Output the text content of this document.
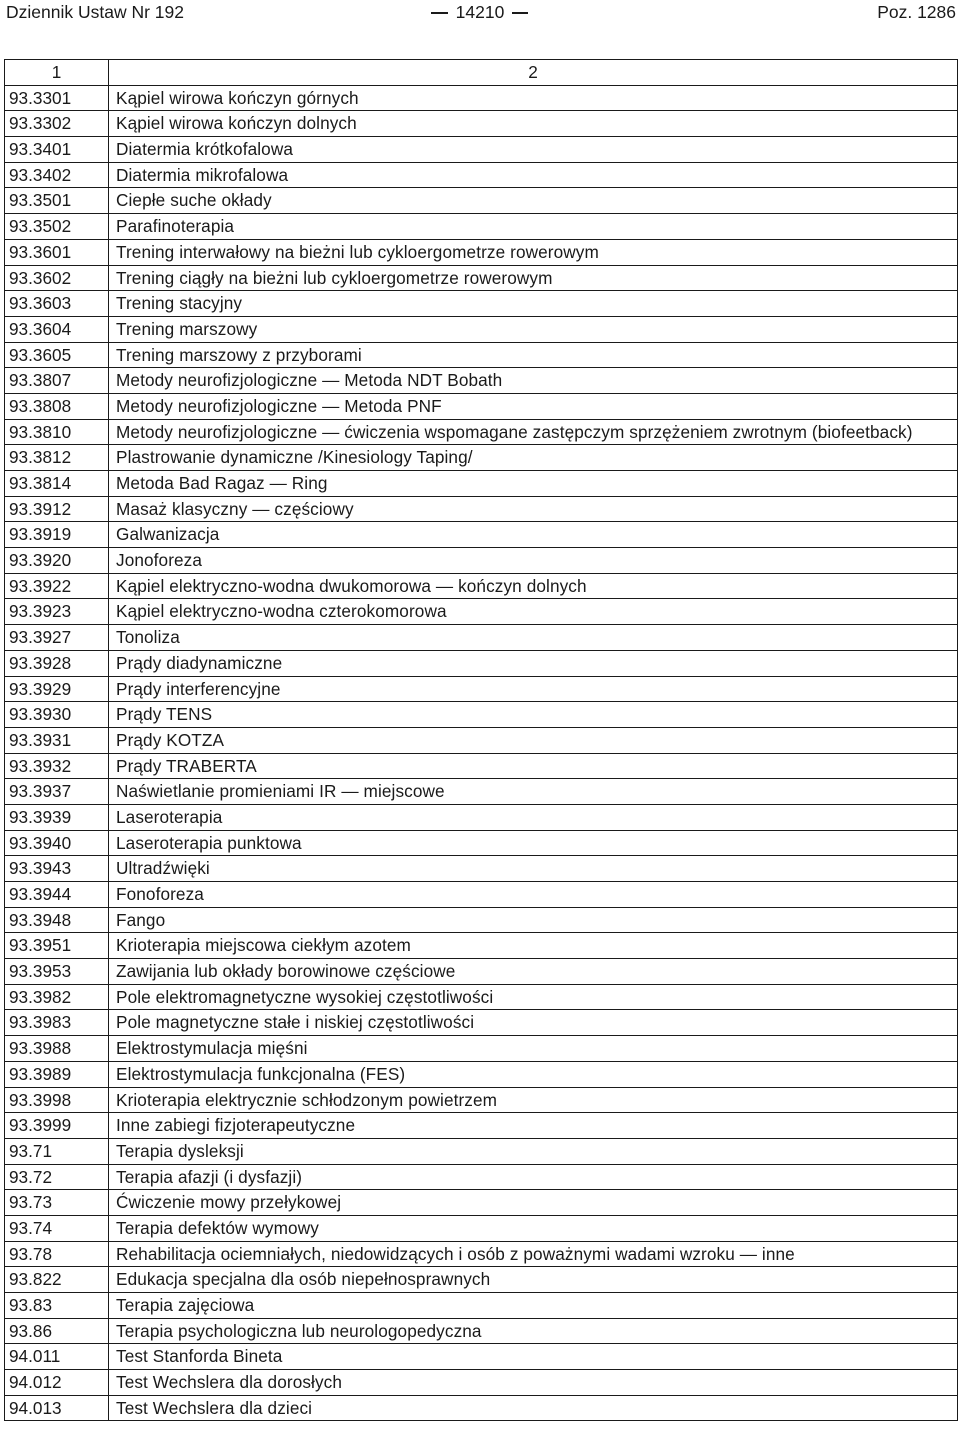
Dziennik Ustaw Nr 192	14210	Poz. 1286
1	2
93.3301	Kąpiel wirowa kończyn górnych
93.3302	Kąpiel wirowa kończyn dolnych
93.3401	Diatermia krótkofalowa
93.3402	Diatermia mikrofalowa
93.3501	Ciepłe suche okłady
93.3502	Parafinoterapia
93.3601	Trening interwałowy na bieżni lub cykloergometrze rowerowym
93.3602	Trening ciągły na bieżni lub cykloergometrze rowerowym
93.3603	Trening stacyjny
93.3604	Trening marszowy
93.3605	Trening marszowy z przyborami
93.3807	Metody neurofizjologiczne — Metoda NDT Bobath
93.3808	Metody neurofizjologiczne — Metoda PNF
93.3810	Metody neurofizjologiczne — ćwiczenia wspomagane zastępczym sprzężeniem zwrotnym (biofeetback)
93.3812	Plastrowanie dynamiczne /Kinesiology Taping/
93.3814	Metoda Bad Ragaz — Ring
93.3912	Masaż klasyczny — częściowy
93.3919	Galwanizacja
93.3920	Jonoforeza
93.3922	Kąpiel elektryczno-wodna dwukomorowa — kończyn dolnych
93.3923	Kąpiel elektryczno-wodna czterokomorowa
93.3927	Tonoliza
93.3928	Prądy diadynamiczne
93.3929	Prądy interferencyjne
93.3930	Prądy TENS
93.3931	Prądy KOTZA
93.3932	Prądy TRABERTA
93.3937	Naświetlanie promieniami IR — miejscowe
93.3939	Laseroterapia
93.3940	Laseroterapia punktowa
93.3943	Ultradźwięki
93.3944	Fonoforeza
93.3948	Fango
93.3951	Krioterapia miejscowa ciekłym azotem
93.3953	Zawijania lub okłady borowinowe częściowe
93.3982	Pole elektromagnetyczne wysokiej częstotliwości
93.3983	Pole magnetyczne stałe i niskiej częstotliwości
93.3988	Elektrostymulacja mięśni
93.3989	Elektrostymulacja funkcjonalna (FES)
93.3998	Krioterapia elektrycznie schłodzonym powietrzem
93.3999	Inne zabiegi fizjoterapeutyczne
93.71	Terapia dysleksji
93.72	Terapia afazji (i dysfazji)
93.73	Ćwiczenie mowy przełykowej
93.74	Terapia defektów wymowy
93.78	Rehabilitacja ociemniałych, niedowidzących i osób z poważnymi wadami wzroku — inne
93.822	Edukacja specjalna dla osób niepełnosprawnych
93.83	Terapia zajęciowa
93.86	Terapia psychologiczna lub neurologopedyczna
94.011	Test Stanforda Bineta
94.012	Test Wechslera dla dorosłych
94.013	Test Wechslera dla dzieci
